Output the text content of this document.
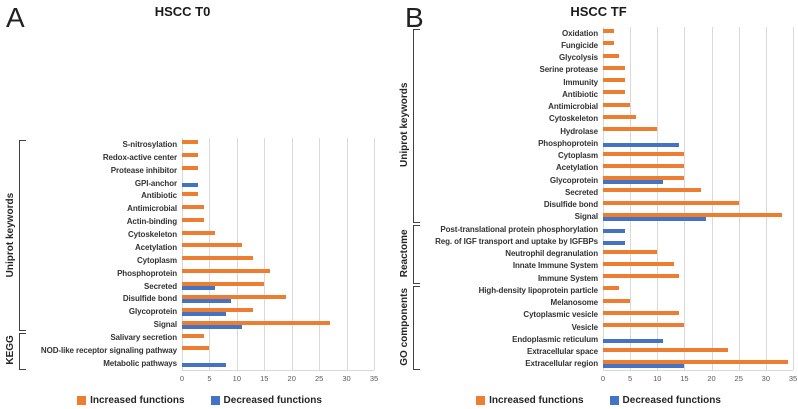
A	HSCC T0
S-nitrosylation
Redox-active center
Protease inhibitor
GPI-anchor
Antibiotic
Antimicrobial
Actin-binding
Cytoskeleton
Acetylation
Cytoplasm
Phosphoprotein
Secreted
Disulfide bond
Glycoprotein
Signal
Salivary secretion
NOD-like receptor signaling pathway
Metabolic pathways
Uniprot keywords
KEGG
0	5	10	15	20	25	30	35
Increased functions	Decreased functions
B	HSCC TF
Oxidation
Fungicide
Glycolysis
Serine protease
Immunity
Antibiotic
Antimicrobial
Cytoskeleton
Hydrolase
Phosphoprotein
Cytoplasm
Acetylation
Glycoprotein
Secreted
Disulfide bond
Signal
Post-translational protein phosphorylation
Reg. of IGF transport and uptake by IGFBPs
Neutrophil degranulation
Innate Immune System
Immune System
High-density lipoprotein particle
Melanosome
Cytoplasmic vesicle
Vesicle
Endoplasmic reticulum
Extracellular space
Extracellular region
Uniprot keywords
Reactome
GO components
0	5	10	15	20	25	30	35
Increased functions	Decreased functions
